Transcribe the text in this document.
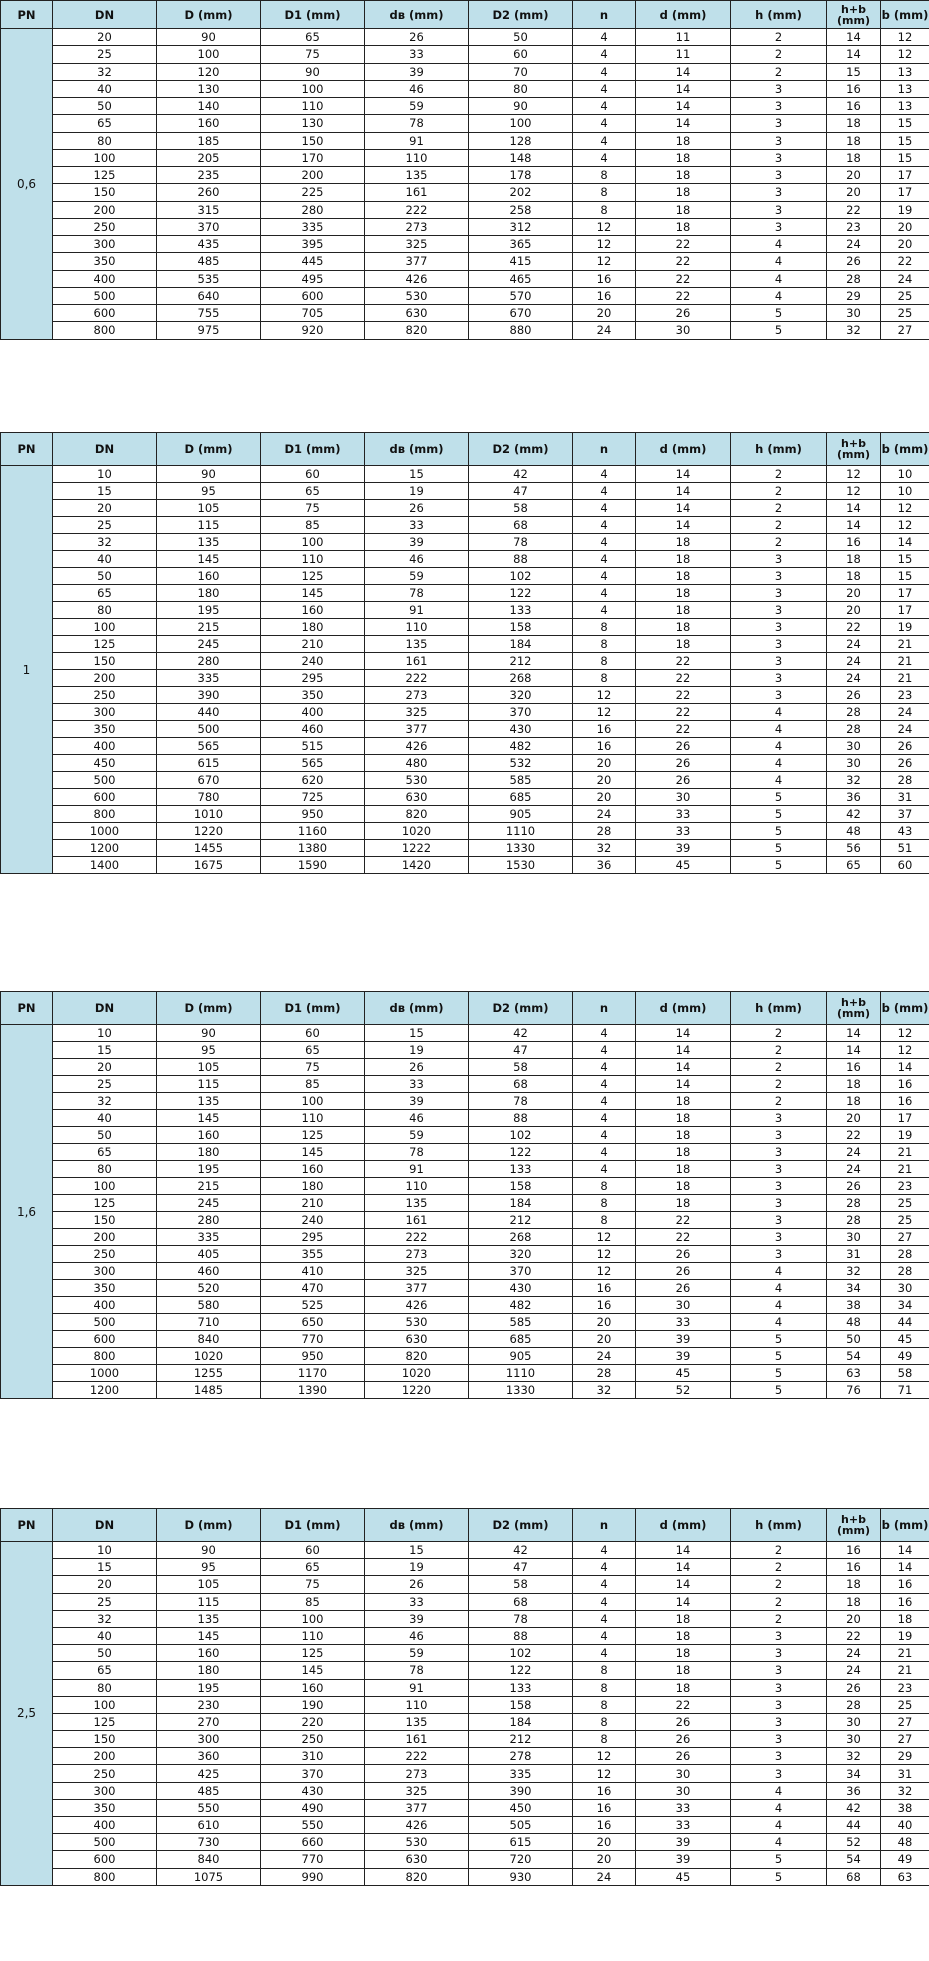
PN	DN	D (mm)	D1 (mm)	dв (mm)	D2 (mm)	n	d (mm)	h (mm)	h+b (mm)	b (mm)
0,6	20	90	65	26	50	4	11	2	14	12
	25	100	75	33	60	4	11	2	14	12
	32	120	90	39	70	4	14	2	15	13
	40	130	100	46	80	4	14	3	16	13
	50	140	110	59	90	4	14	3	16	13
	65	160	130	78	100	4	14	3	18	15
	80	185	150	91	128	4	18	3	18	15
	100	205	170	110	148	4	18	3	18	15
	125	235	200	135	178	8	18	3	20	17
	150	260	225	161	202	8	18	3	20	17
	200	315	280	222	258	8	18	3	22	19
	250	370	335	273	312	12	18	3	23	20
	300	435	395	325	365	12	22	4	24	20
	350	485	445	377	415	12	22	4	26	22
	400	535	495	426	465	16	22	4	28	24
	500	640	600	530	570	16	22	4	29	25
	600	755	705	630	670	20	26	5	30	25
	800	975	920	820	880	24	30	5	32	27
PN	DN	D (mm)	D1 (mm)	dв (mm)	D2 (mm)	n	d (mm)	h (mm)	h+b (mm)	b (mm)
1	10	90	60	15	42	4	14	2	12	10
	15	95	65	19	47	4	14	2	12	10
	20	105	75	26	58	4	14	2	14	12
	25	115	85	33	68	4	14	2	14	12
	32	135	100	39	78	4	18	2	16	14
	40	145	110	46	88	4	18	3	18	15
	50	160	125	59	102	4	18	3	18	15
	65	180	145	78	122	4	18	3	20	17
	80	195	160	91	133	4	18	3	20	17
	100	215	180	110	158	8	18	3	22	19
	125	245	210	135	184	8	18	3	24	21
	150	280	240	161	212	8	22	3	24	21
	200	335	295	222	268	8	22	3	24	21
	250	390	350	273	320	12	22	3	26	23
	300	440	400	325	370	12	22	4	28	24
	350	500	460	377	430	16	22	4	28	24
	400	565	515	426	482	16	26	4	30	26
	450	615	565	480	532	20	26	4	30	26
	500	670	620	530	585	20	26	4	32	28
	600	780	725	630	685	20	30	5	36	31
	800	1010	950	820	905	24	33	5	42	37
	1000	1220	1160	1020	1110	28	33	5	48	43
	1200	1455	1380	1222	1330	32	39	5	56	51
	1400	1675	1590	1420	1530	36	45	5	65	60
PN	DN	D (mm)	D1 (mm)	dв (mm)	D2 (mm)	n	d (mm)	h (mm)	h+b (mm)	b (mm)
1,6	10	90	60	15	42	4	14	2	14	12
	15	95	65	19	47	4	14	2	14	12
	20	105	75	26	58	4	14	2	16	14
	25	115	85	33	68	4	14	2	18	16
	32	135	100	39	78	4	18	2	18	16
	40	145	110	46	88	4	18	3	20	17
	50	160	125	59	102	4	18	3	22	19
	65	180	145	78	122	4	18	3	24	21
	80	195	160	91	133	4	18	3	24	21
	100	215	180	110	158	8	18	3	26	23
	125	245	210	135	184	8	18	3	28	25
	150	280	240	161	212	8	22	3	28	25
	200	335	295	222	268	12	22	3	30	27
	250	405	355	273	320	12	26	3	31	28
	300	460	410	325	370	12	26	4	32	28
	350	520	470	377	430	16	26	4	34	30
	400	580	525	426	482	16	30	4	38	34
	500	710	650	530	585	20	33	4	48	44
	600	840	770	630	685	20	39	5	50	45
	800	1020	950	820	905	24	39	5	54	49
	1000	1255	1170	1020	1110	28	45	5	63	58
	1200	1485	1390	1220	1330	32	52	5	76	71
PN	DN	D (mm)	D1 (mm)	dв (mm)	D2 (mm)	n	d (mm)	h (mm)	h+b (mm)	b (mm)
2,5	10	90	60	15	42	4	14	2	16	14
	15	95	65	19	47	4	14	2	16	14
	20	105	75	26	58	4	14	2	18	16
	25	115	85	33	68	4	14	2	18	16
	32	135	100	39	78	4	18	2	20	18
	40	145	110	46	88	4	18	3	22	19
	50	160	125	59	102	4	18	3	24	21
	65	180	145	78	122	8	18	3	24	21
	80	195	160	91	133	8	18	3	26	23
	100	230	190	110	158	8	22	3	28	25
	125	270	220	135	184	8	26	3	30	27
	150	300	250	161	212	8	26	3	30	27
	200	360	310	222	278	12	26	3	32	29
	250	425	370	273	335	12	30	3	34	31
	300	485	430	325	390	16	30	4	36	32
	350	550	490	377	450	16	33	4	42	38
	400	610	550	426	505	16	33	4	44	40
	500	730	660	530	615	20	39	4	52	48
	600	840	770	630	720	20	39	5	54	49
	800	1075	990	820	930	24	45	5	68	63
